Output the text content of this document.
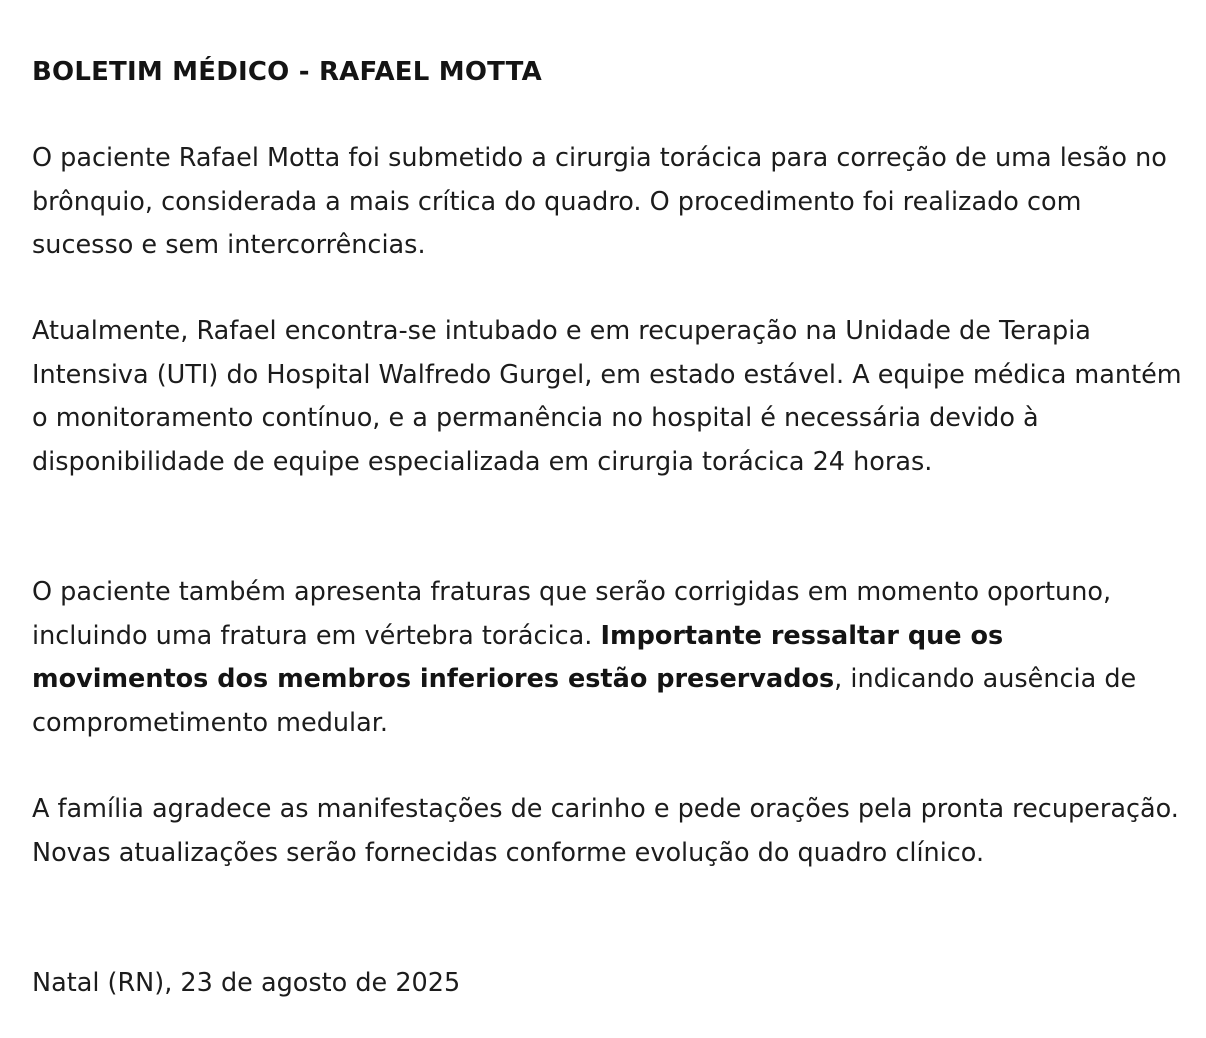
BOLETIM MÉDICO - RAFAEL MOTTA

O paciente Rafael Motta foi submetido a cirurgia torácica para correção de uma lesão no brônquio, considerada a mais crítica do quadro. O procedimento foi realizado com sucesso e sem intercorrências.

Atualmente, Rafael encontra-se intubado e em recuperação na Unidade de Terapia Intensiva (UTI) do Hospital Walfredo Gurgel, em estado estável. A equipe médica mantém o monitoramento contínuo, e a permanência no hospital é necessária devido à disponibilidade de equipe especializada em cirurgia torácica 24 horas.

O paciente também apresenta fraturas que serão corrigidas em momento oportuno, incluindo uma fratura em vértebra torácica. Importante ressaltar que os movimentos dos membros inferiores estão preservados, indicando ausência de comprometimento medular.

A família agradece as manifestações de carinho e pede orações pela pronta recuperação. Novas atualizações serão fornecidas conforme evolução do quadro clínico.

Natal (RN), 23 de agosto de 2025
